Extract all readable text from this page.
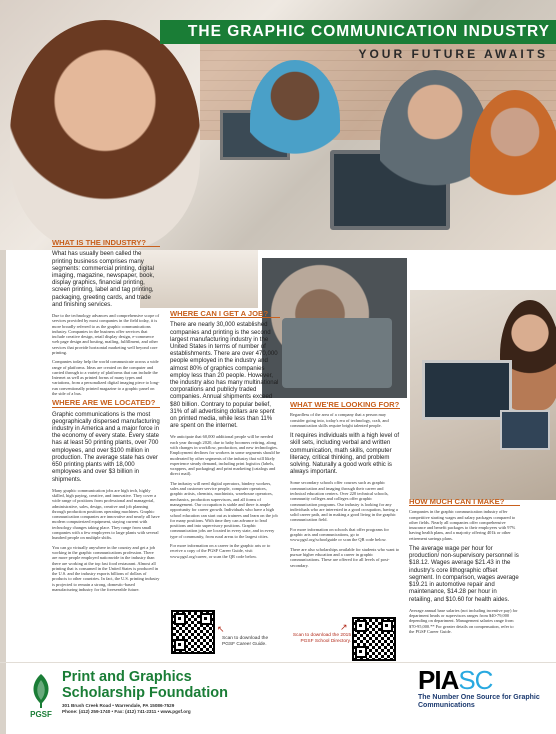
THE GRAPHIC COMMUNICATION INDUSTRY
YOUR FUTURE AWAITS
WHAT IS THE INDUSTRY?
What has usually been called the printing business comprises many segments: commercial printing, digital imaging, magazine, newspaper, book, display graphics, financial printing, screen printing, label and tag printing, packaging, greeting cards, and trade and finishing services.

Due to the technology advances and comprehensive scope of services provided by most companies in the field today, it is more broadly referred to as the graphic communications industry. Companies in the business offer services that include creative design, retail display design, e-commerce web page design and hosting, mailing, fulfillment, and other services that provide horizontal marketing well beyond core printing.

Companies today help the world communicate across a wide range of platforms. Ideas are created on the computer and carried through to a variety of platforms that can include the Internet as well as printed forms of many types and variations, from a personalized digital imaging piece to long-run conventionally printed magazine to a graphic panel on the side of a bus.

WHERE ARE WE LOCATED?
Graphic communications is the most geographically dispersed manufacturing industry in America and a major force in the economy of every state. Every state has at least 50 printing plants, over 700 employees, and over $100 million in production. The average state has over 650 printing plants with 18,000 employees and over $3 billion in shipments.

Many graphic communication jobs are high tech, highly skilled, high paying, creative, and innovative. They cover a wide range of positions from professional and managerial, administrative, sales, design, creative and job planning through production positions operating machines. Graphic communication companies are innovative and nearly all have modern computerized equipment, staying current with technology changes taking place. They range from small companies with a few employees to large plants with several hundred people on multiple shifts.

You can go virtually anywhere in the country and get a job working in the graphic communications profession. There are more people employed nationwide in the industry than there are working at the top fast food restaurant. Almost all printing that is consumed in the United States is produced in the U.S. and the industry exports billions of dollars of products to other countries. In fact, the U.S. printing industry is projected to remain a strong, domestic-based manufacturing industry for the foreseeable future.

WHERE CAN I GET A JOB?
There are nearly 30,000 established companies and printing is the second largest manufacturing industry in the United States in terms of number of establishments. There are over 470,000 people employed in the industry and almost 80% of graphics companies employ less than 20 people. However, the industry also has many multinational corporations and publicly traded companies. Annual shipments exceed $80 billion. Contrary to popular belief, 31% of all advertising dollars are spent on printed media, while less than 11% are spent on the internet.

We anticipate that 60,000 additional people will be needed each year through 2020, due to baby boomers retiring, along with changes in workflow, production, and new technologies. Employment declines for workers in some segments should be moderated by other segments of the industry that will likely experience steady demand, including print logistics (labels, wrappers, and packaging) and print marketing (catalogs and direct mail).

The industry will need digital operators, bindery workers, sales and customer service people, computer operators, graphic artists, chemists, machinists, warehouse operators, mechanics, production supervisors, and all forms of management. Our occupation is stable and there is ample opportunity for career growth. Individuals who have a high school education can start out as trainees and learn on the job for many positions. With time they can advance to lead positions and into supervisory positions. Graphic communication jobs are located in every state, and in every type of community, from rural areas to the largest cities.

For more information on a career in the graphic arts or to receive a copy of the PGSF Career Guide, visit www.pgsf.org/career, or scan the QR code below.

WHAT WE'RE LOOKING FOR?

Regardless of the area of a company that a person may consider going into, today's era of technology, craft, and communication skills require bright talented people.

It requires individuals with a high level of skill sets, including verbal and written communication, math skills, computer literacy, critical thinking, and problem solving. Naturally a good work ethic is always important.

Some secondary schools offer courses such as graphic communication and imaging through their career and technical education centers. Over 220 technical schools, community colleges and colleges offer graphic communication programs. Our industry is looking for any individuals who are interested in a good occupation, having a solid career path, and in making a good living in the graphic communication field.

For more information on schools that offer programs for graphic arts and communications, go to www.pgsf.org/schoolguide or scan the QR code below.

There are also scholarships available for students who want to pursue higher education and a career in graphic communications. These are offered for all levels of post-secondary.

HOW MUCH CAN I MAKE?

Companies in the graphic communication industry offer competitive starting wages and salary packages compared to other fields. Nearly all companies offer comprehensive insurance and benefit packages to their employees with 97% having health plans, and a majority offering 401k or other retirement savings plans.

The average wage per hour for production/ non-supervisory personnel is $18.12. Wages average $21.43 in the industry's core lithographic offset segment. In comparison, wages average $19.21 in automotive repair and maintenance, $14.28 per hour in retailing, and $10.60 for health aides.

Average annual base salaries (not including incentive pay) for department heads or supervisors ranges from $40-79,000 depending on department. Management salaries range from $70-95,000.** For greater details on compensation, refer to the PGSF Career Guide.

↖
Scan to download the PGSF Career Guide.
↗
Scan to download the 2015 PGSF School Directory.
PGSF
Print and Graphics
Scholarship Foundation
301 Brush Creek Road • Warrendale, PA 15086-7529
Phone: (412) 259-1740 • Fax: (412) 741-2311 • www.pgsf.org
PIASC
The Number One Source for Graphic Communications
